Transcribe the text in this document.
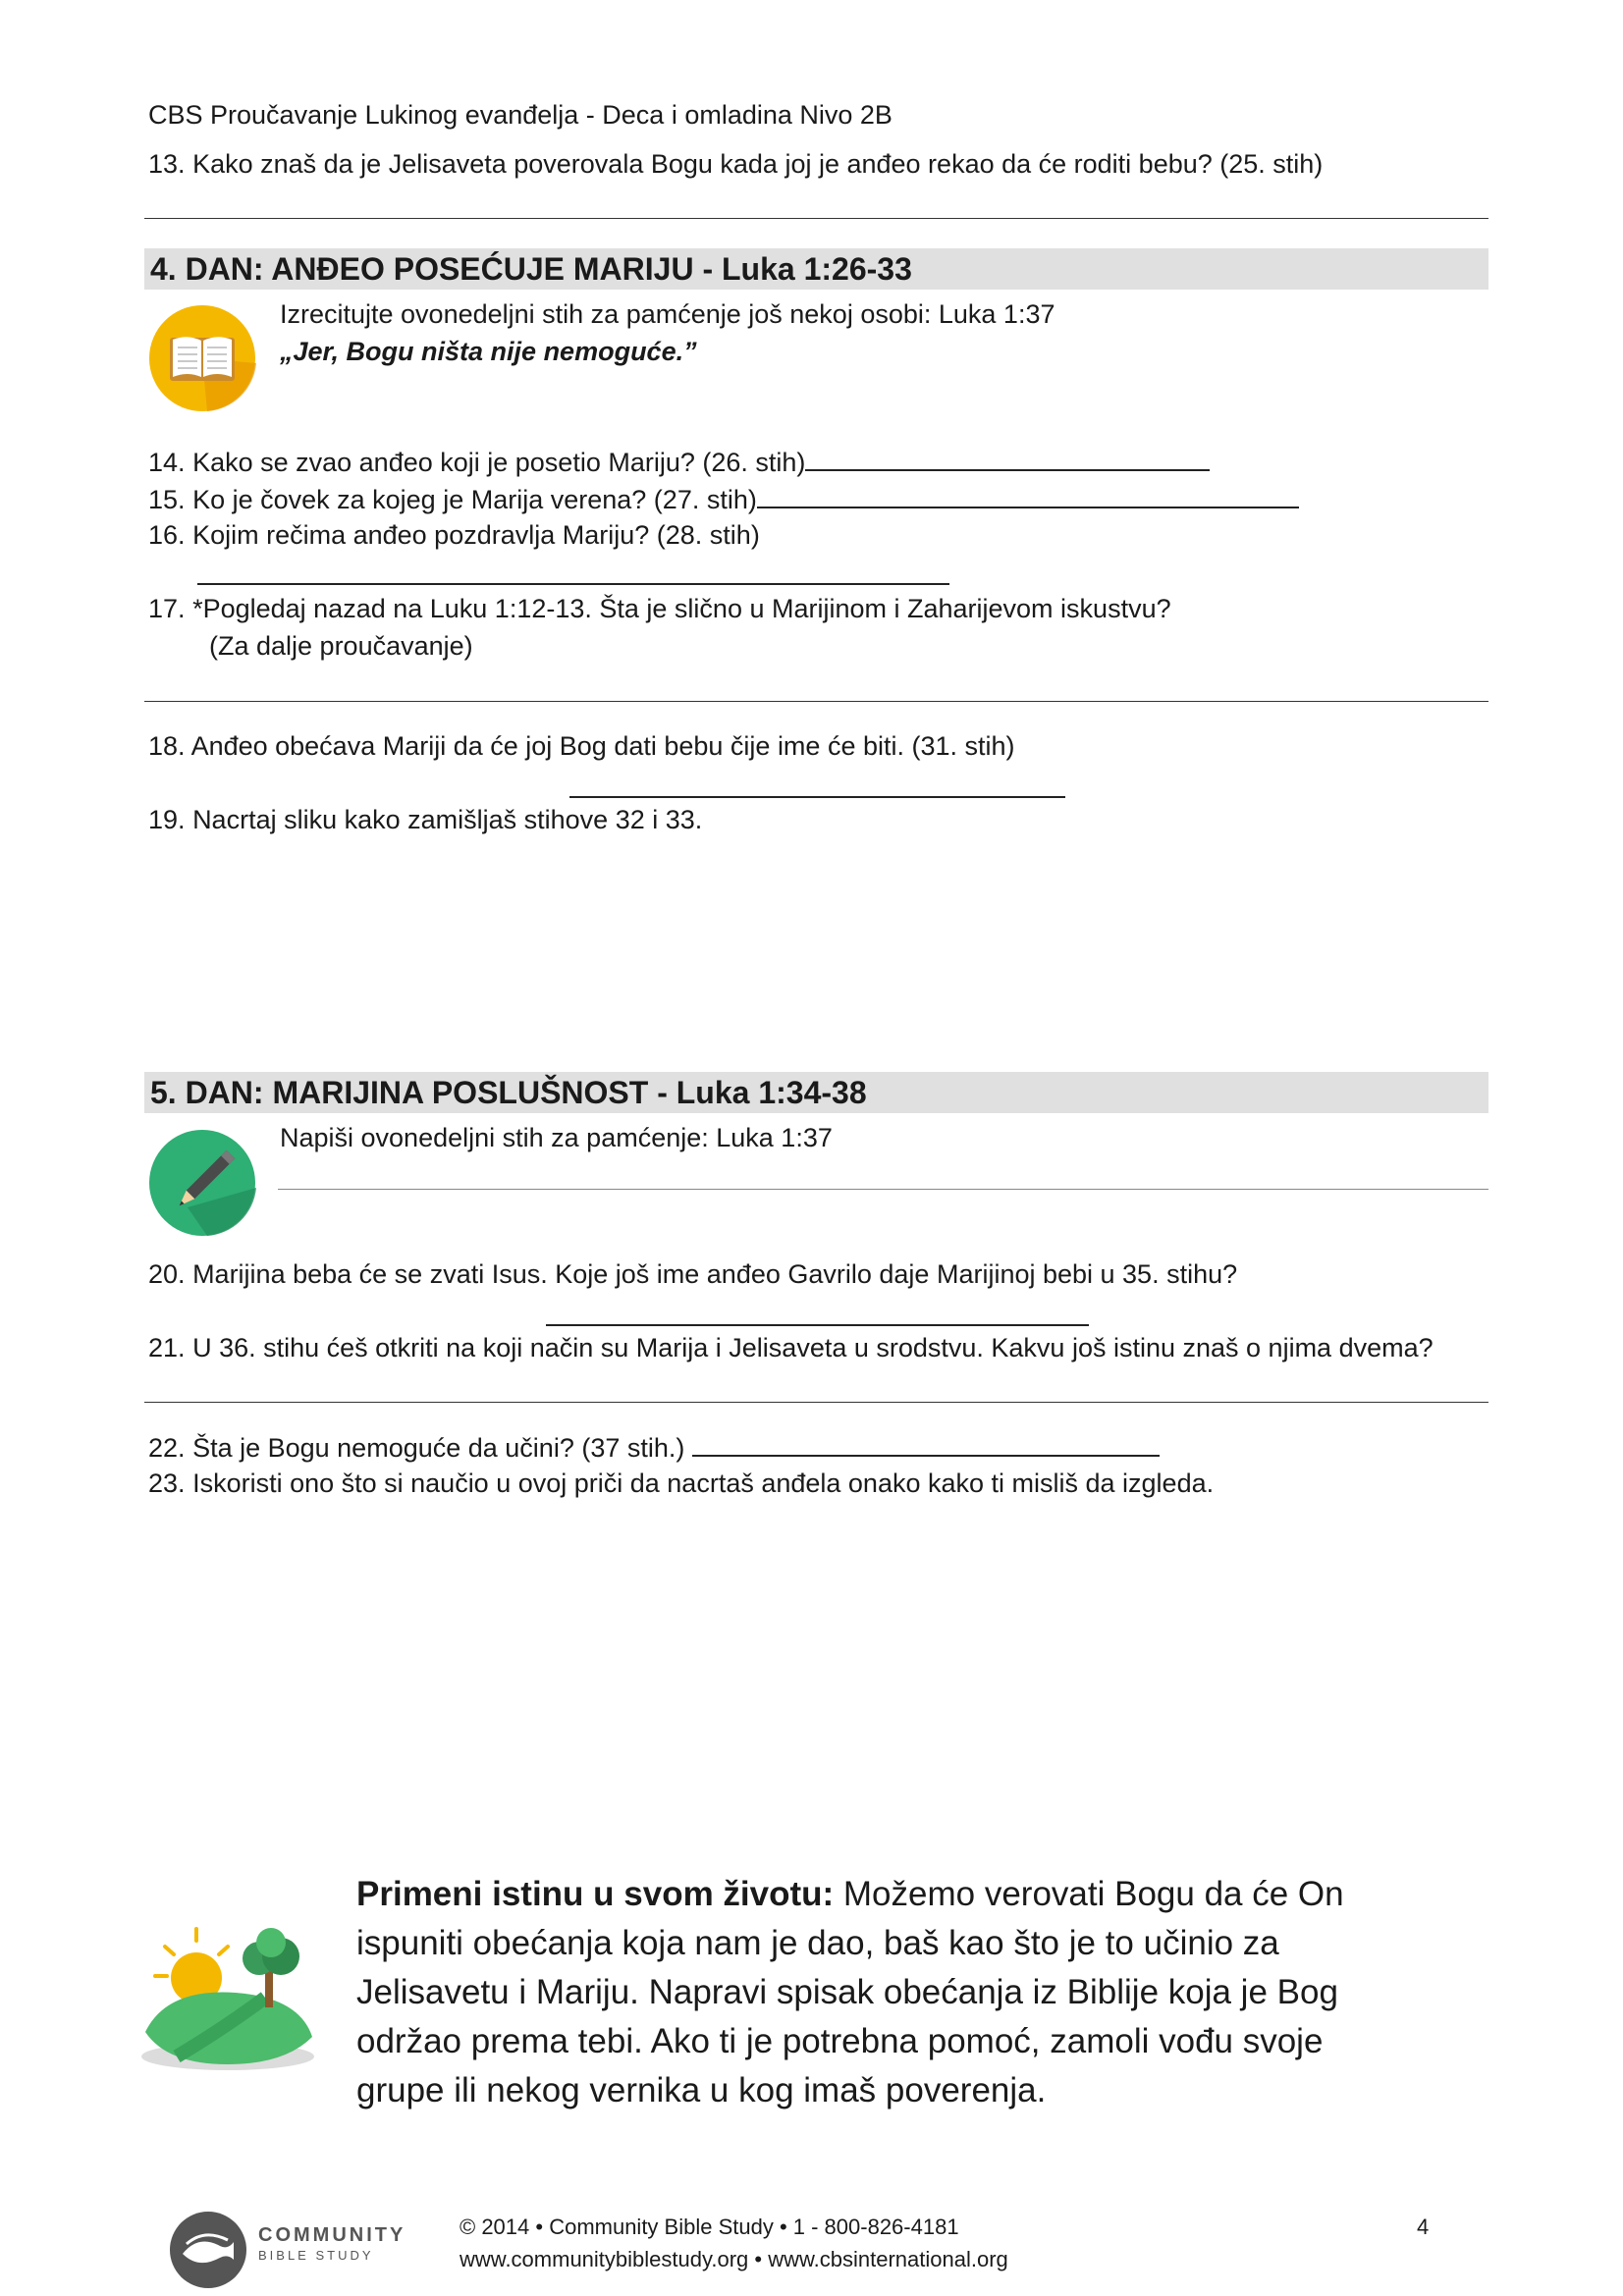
CBS Proučavanje Lukinog evanđelja - Deca i omladina Nivo 2B
13. Kako znaš da je Jelisaveta poverovala Bogu kada joj je anđeo rekao da će roditi bebu? (25. stih)
4. DAN: ANĐEO POSEĆUJE MARIJU - Luka 1:26-33
Izrecitujte ovonedeljni stih za pamćenje još nekoj osobi: Luka 1:37
„Jer, Bogu ništa nije nemoguće.”
14. Kako se zvao anđeo koji je posetio Mariju? (26. stih)
15. Ko je čovek za kojeg je Marija verena? (27. stih)
16. Kojim rečima anđeo pozdravlja Mariju? (28. stih)
17. *Pogledaj nazad na Luku 1:12-13. Šta je slično u Marijinom i Zaharijevom iskustvu?
(Za dalje proučavanje)
18. Anđeo obećava Mariji da će joj Bog dati bebu čije ime će biti. (31. stih)
19. Nacrtaj sliku kako zamišljaš stihove 32 i 33.
5. DAN: MARIJINA POSLUŠNOST - Luka 1:34-38
Napiši ovonedeljni stih za pamćenje: Luka 1:37
20. Marijina beba će se zvati Isus. Koje još ime anđeo Gavrilo daje Marijinoj bebi u 35. stihu?
21. U 36. stihu ćeš otkriti na koji način su Marija i Jelisaveta u srodstvu. Kakvu još istinu znaš o njima dvema?
22. Šta je Bogu nemoguće da učini? (37 stih.)
23. Iskoristi ono što si naučio u ovoj priči da nacrtaš anđela onako kako ti misliš da izgleda.
Primeni istinu u svom životu: Možemo verovati Bogu da će On ispuniti obećanja koja nam je dao, baš kao što je to učinio za Jelisavetu i Mariju. Napravi spisak obećanja iz Biblije koja je Bog održao prema tebi. Ako ti je potrebna pomoć, zamoli vođu svoje grupe ili nekog vernika u kog imaš poverenja.
COMMUNITY
BIBLE STUDY
© 2014 • Community Bible Study • 1 - 800-826-4181
www.communitybiblestudy.org • www.cbsinternational.org
4
